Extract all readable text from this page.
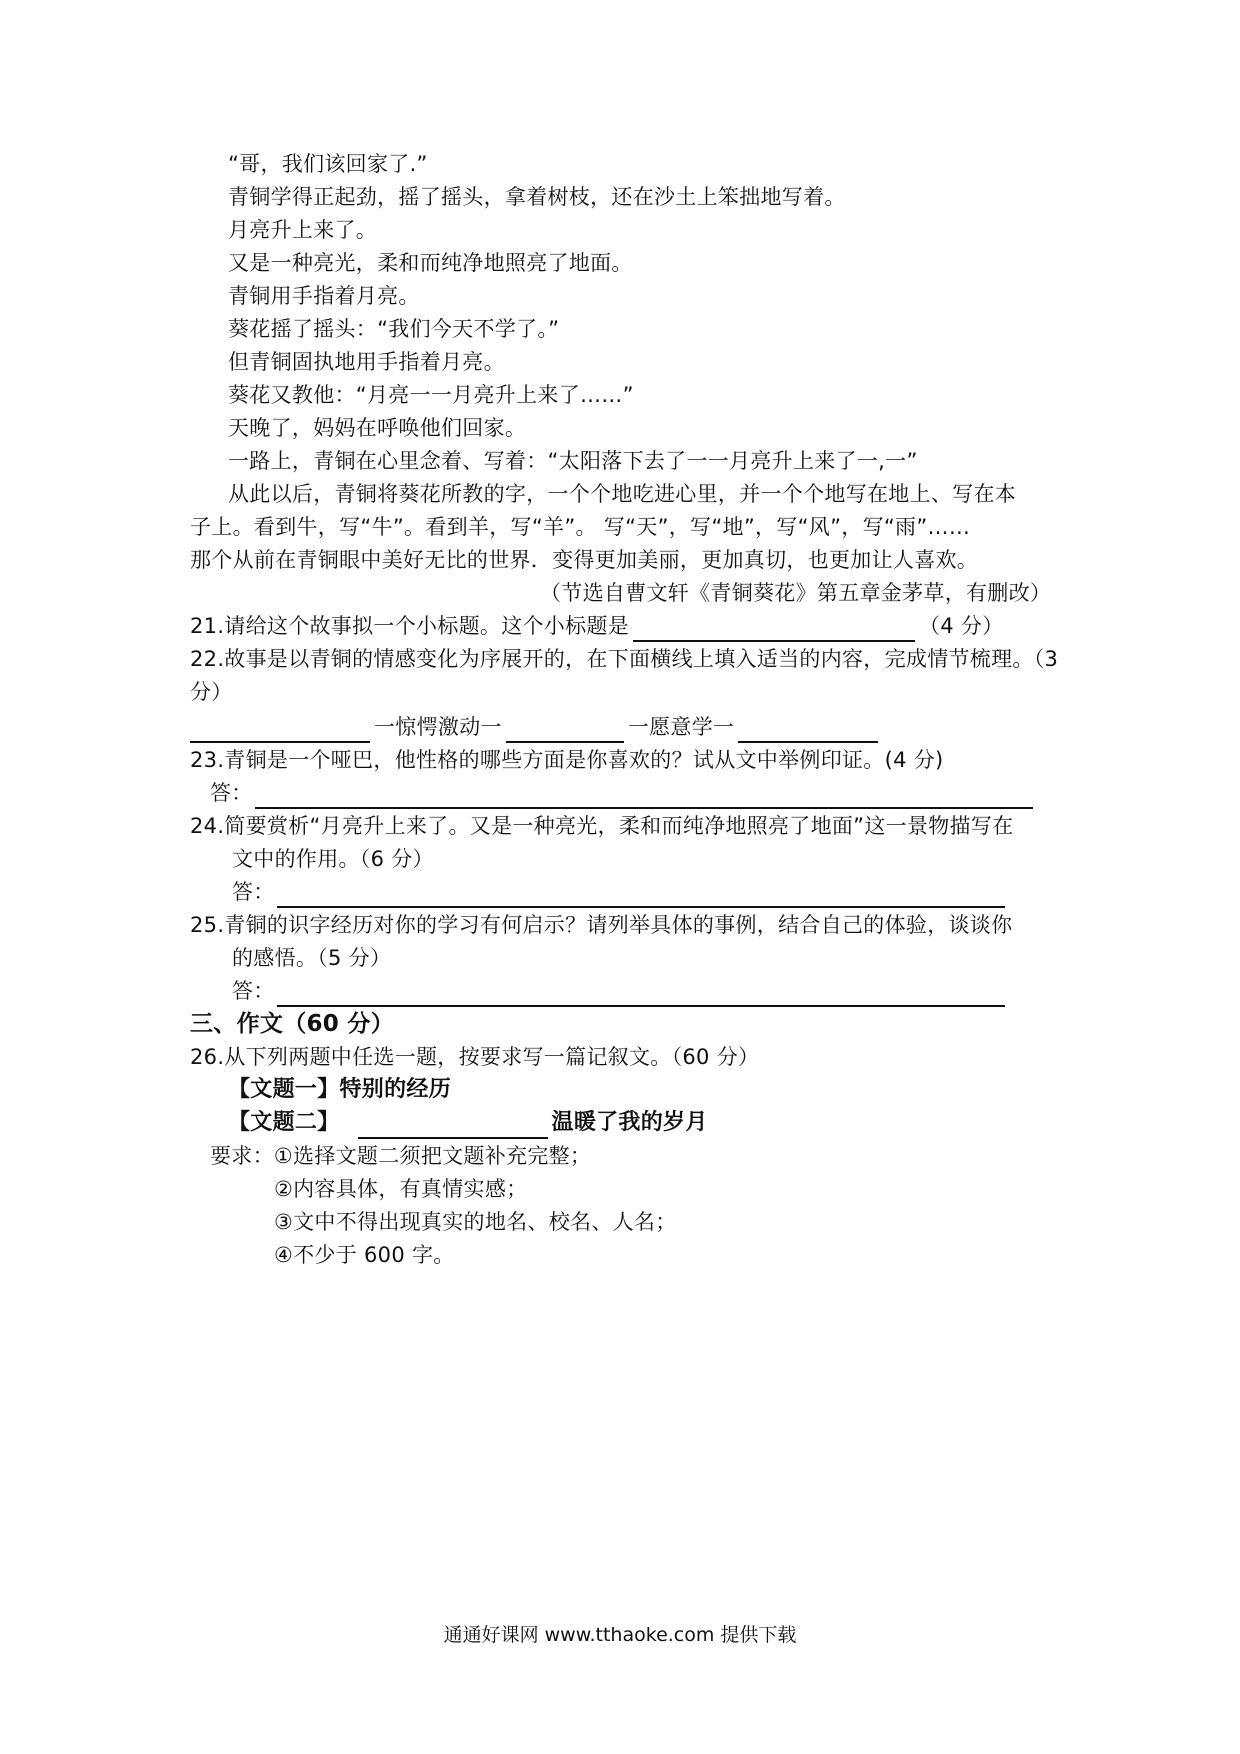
“哥，我们该回家了.”
青铜学得正起劲，摇了摇头，拿着树枝，还在沙土上笨拙地写着。
月亮升上来了。
又是一种亮光，柔和而纯净地照亮了地面。
青铜用手指着月亮。
葵花摇了摇头：“我们今天不学了。”
但青铜固执地用手指着月亮。
葵花又教他：“月亮一一月亮升上来了……”
天晚了，妈妈在呼唤他们回家。
一路上，青铜在心里念着、写着：“太阳落下去了一一月亮升上来了一,一”
从此以后，青铜将葵花所教的字，一个个地吃进心里，并一个个地写在地上、写在本
子上。看到牛，写“牛”。看到羊，写“羊”。 写“天”，写“地”，写“风”，写“雨”……
那个从前在青铜眼中美好无比的世界．变得更加美丽，更加真切，也更加让人喜欢。
（节选自曹文轩《青铜葵花》第五章金茅草，有删改）
21.请给这个故事拟一个小标题。这个小标题是	（4 分）
22.故事是以青铜的情感变化为序展开的，在下面横线上填入适当的内容，完成情节梳理。（3
分）
一惊愕激动一	一愿意学一
23.青铜是一个哑巴，他性格的哪些方面是你喜欢的？试从文中举例印证。(4 分)
答：
24.简要赏析“月亮升上来了。又是一种亮光，柔和而纯净地照亮了地面”这一景物描写在
文中的作用。（6 分）
答：
25.青铜的识字经历对你的学习有何启示？请列举具体的事例，结合自己的体验，谈谈你
的感悟。（5 分）
答：
三、作文（60 分）
26.从下列两题中任选一题，按要求写一篇记叙文。（60 分）
【文题一】特别的经历
【文题二】	温暖了我的岁月
要求：①选择文题二须把文题补充完整；
②内容具体，有真情实感；
③文中不得出现真实的地名、校名、人名；
④不少于 600 字。
通通好课网 www.tthaoke.com 提供下载
